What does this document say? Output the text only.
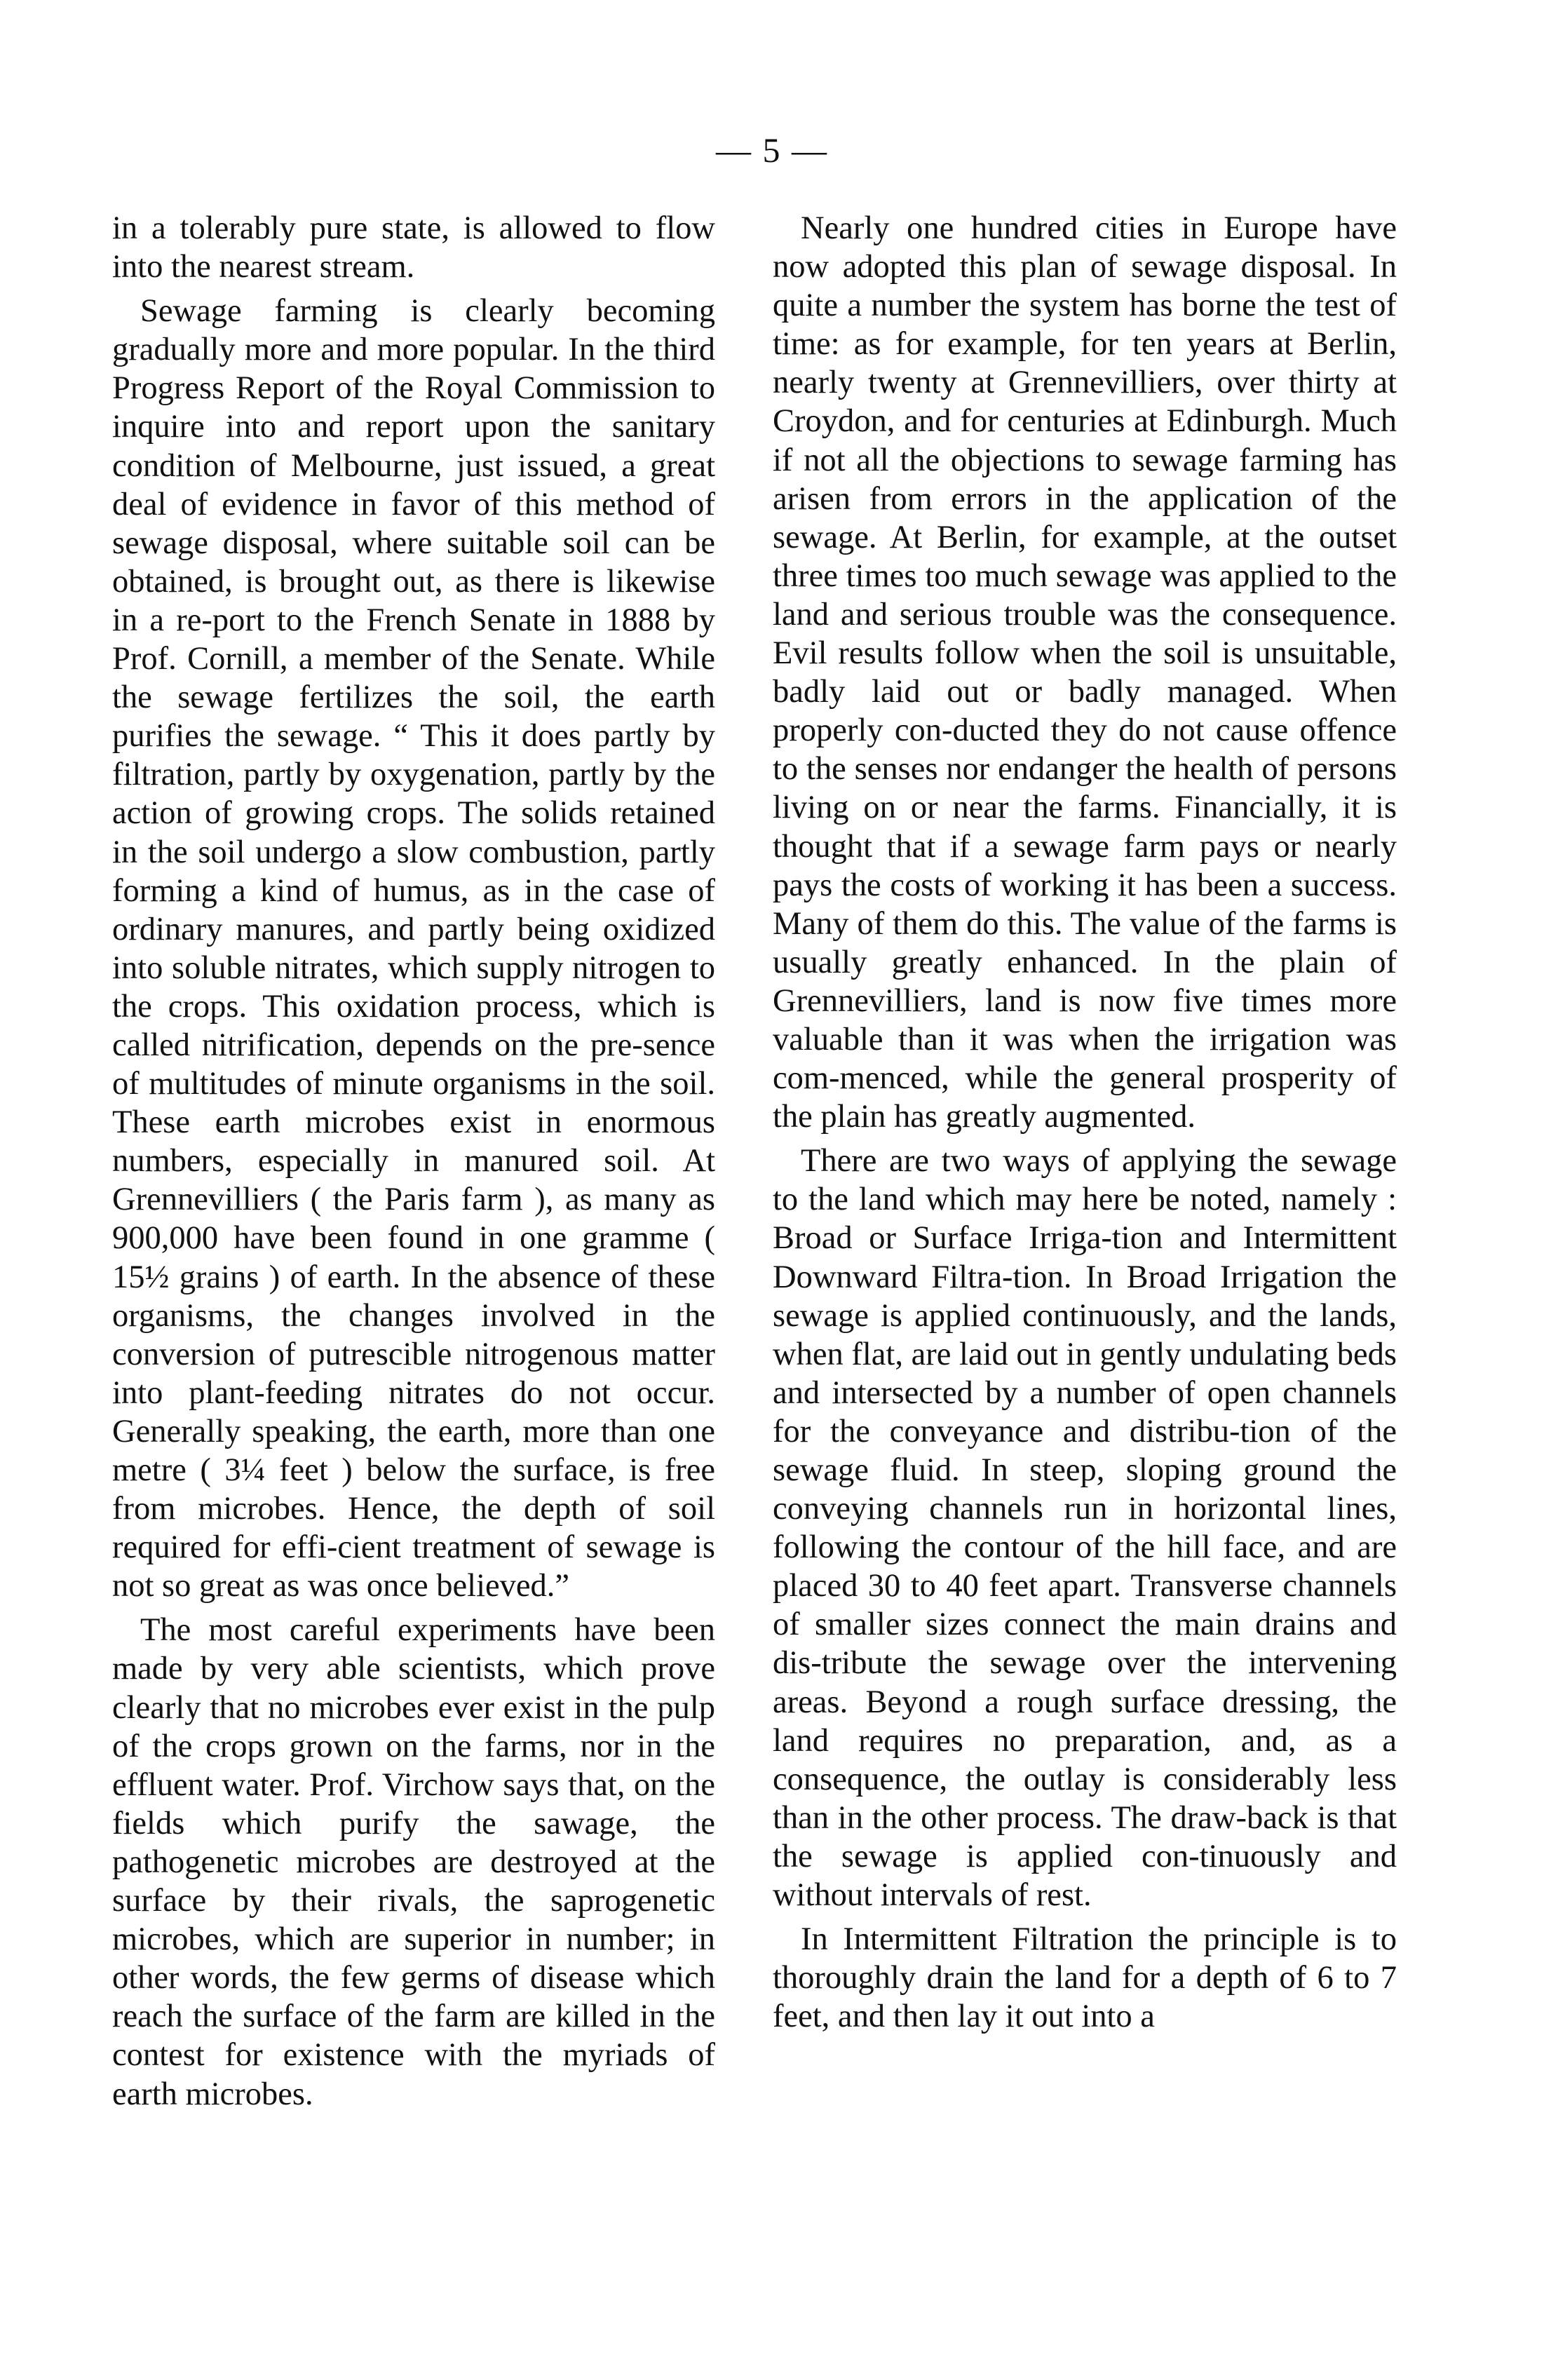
— 5 —

in a tolerably pure state, is allowed to flow into the nearest stream.

Sewage farming is clearly becoming gradually more and more popular. In the third Progress Report of the Royal Commission to inquire into and report upon the sanitary condition of Melbourne, just issued, a great deal of evidence in favor of this method of sewage disposal, where suitable soil can be obtained, is brought out, as there is likewise in a re-port to the French Senate in 1888 by Prof. Cornill, a member of the Senate. While the sewage fertilizes the soil, the earth purifies the sewage. “ This it does partly by filtration, partly by oxygenation, partly by the action of growing crops. The solids retained in the soil undergo a slow combustion, partly forming a kind of humus, as in the case of ordinary manures, and partly being oxidized into soluble nitrates, which supply nitrogen to the crops. This oxidation process, which is called nitrification, depends on the pre-sence of multitudes of minute organisms in the soil. These earth microbes exist in enormous numbers, especially in manured soil. At Grennevilliers ( the Paris farm ), as many as 900,000 have been found in one gramme ( 15½ grains ) of earth. In the absence of these organisms, the changes involved in the conversion of putrescible nitrogenous matter into plant-feeding nitrates do not occur. Generally speaking, the earth, more than one metre ( 3¼ feet ) below the surface, is free from microbes. Hence, the depth of soil required for effi-cient treatment of sewage is not so great as was once believed.”

The most careful experiments have been made by very able scientists, which prove clearly that no microbes ever exist in the pulp of the crops grown on the farms, nor in the effluent water. Prof. Virchow says that, on the fields which purify the sawage, the pathogenetic microbes are destroyed at the surface by their rivals, the saprogenetic microbes, which are superior in number; in other words, the few germs of disease which reach the surface of the farm are killed in the contest for existence with the myriads of earth microbes.

Nearly one hundred cities in Europe have now adopted this plan of sewage disposal. In quite a number the system has borne the test of time: as for example, for ten years at Berlin, nearly twenty at Grennevilliers, over thirty at Croydon, and for centuries at Edinburgh. Much if not all the objections to sewage farming has arisen from errors in the application of the sewage. At Berlin, for example, at the outset three times too much sewage was applied to the land and serious trouble was the consequence. Evil results follow when the soil is unsuitable, badly laid out or badly managed. When properly con-ducted they do not cause offence to the senses nor endanger the health of persons living on or near the farms. Financially, it is thought that if a sewage farm pays or nearly pays the costs of working it has been a success. Many of them do this. The value of the farms is usually greatly enhanced. In the plain of Grennevilliers, land is now five times more valuable than it was when the irrigation was com-menced, while the general prosperity of the plain has greatly augmented.

There are two ways of applying the sewage to the land which may here be noted, namely : Broad or Surface Irriga-tion and Intermittent Downward Filtra-tion. In Broad Irrigation the sewage is applied continuously, and the lands, when flat, are laid out in gently undulating beds and intersected by a number of open channels for the conveyance and distribu-tion of the sewage fluid. In steep, sloping ground the conveying channels run in horizontal lines, following the contour of the hill face, and are placed 30 to 40 feet apart. Transverse channels of smaller sizes connect the main drains and dis-tribute the sewage over the intervening areas. Beyond a rough surface dressing, the land requires no preparation, and, as a consequence, the outlay is considerably less than in the other process. The draw-back is that the sewage is applied con-tinuously and without intervals of rest.

In Intermittent Filtration the principle is to thoroughly drain the land for a depth of 6 to 7 feet, and then lay it out into a
